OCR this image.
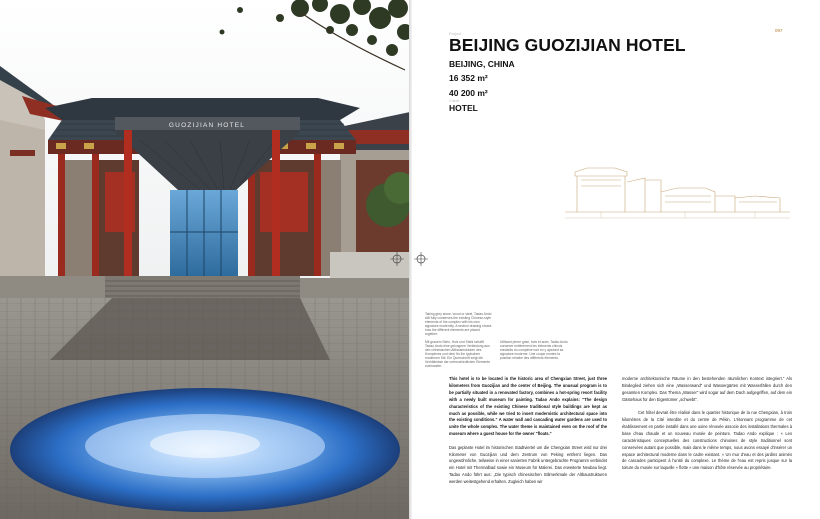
GUOZIJIAN HOTEL
Project
BEIJING GUOZIJIAN HOTEL
097
BEIJING, CHINA
16 352 m²
40 200 m²
Client
HOTEL
Taking grey stone, wood or steel, Tadao Ando still fully conserves the existing Chinese-style elements of the complex with his own signature modernity. A section drawing shows how the different elements are placed together.
Mit grauem Stein, Holz und Stahl schafft Tadao Ando eine gelungene Verbindung aus den chinesischen Altbaustrukturen des Komplexes und dem für ihn typischen modernen Stil. Ein Querschnitt zeigt die Verhältnisse der unterschiedlichen Elemente zueinander.
Utilisant pierre grise, bois et acier, Tadao Ando conserve entièrement les éléments chinois existants du complexe tout en y ajoutant sa signature moderne. Une coupe montre la position relative des différents éléments.

This hotel is to be located in the historic area of Chengxian Street, just three kilometers from Guozijian and the center of Beijing. The unusual program is to be partially situated in a renovated factory, combines a hot-spring resort facility with a newly built museum for painting. Tadao Ando explains: "The design characteristics of the existing Chinese traditional style buildings are kept as much as possible, while we tried to insert modernistic architectural space into the existing conditions." A water wall and cascading water gardens are used to unite the whole complex. The water theme is maintained even on the roof of the museum where a guest house for the owner "floats."

Das geplante Hotel im historischen Stadtviertel um die Chengxian Street wird nur drei Kilometer von Guozijian und dem Zentrum von Peking entfernt liegen. Das ungewöhnliche, teilweise in einer sanierten Fabrik untergebrachte Programm verbindet ein Hotel mit Thermalbad sowie ein Museum für Malerei. Das erweiterte Neubau liegt. Tadao Ando führt aus: „Die typisch chinesischen Stilmerkmale der Altbaustrukturen werden weitestgehend erhalten. Zugleich haben wir

moderne architektonische Räume in den bestehenden räumlichen Kontext integriert." Als Bindeglied ziehen sich eine „Wasserwand" und Wassergärten mit Wasserfällen durch den gesamten Komplex. Das Thema „Wasser" wird sogar auf dem Dach aufgegriffen, auf dem ein Gästehaus für den Eigentümer „schwebt".

Cet hôtel devrait être réalisé dans le quartier historique de la rue Chengxian, à trois kilomètres de la Cité interdite et du centre de Pékin. L'étonnant programme de cet établissement en partie installé dans une usine rénovée associe des installations thermales à base d'eau chaude et un nouveau musée de peinture. Tadao Ando explique : « Les caractéristiques conceptuelles des constructions chinoises de style traditionnel sont conservées autant que possible, mais dans le même temps, nous avons essayé d'insérer un espace architectural moderne dans le cadre existant. » Un mur d'eau et des jardins animés de cascades participent à l'unité du complexe. Le thème de l'eau est repris jusque sur la toiture du musée sur laquelle « flotte » une maison d'hôte réservée au propriétaire.
